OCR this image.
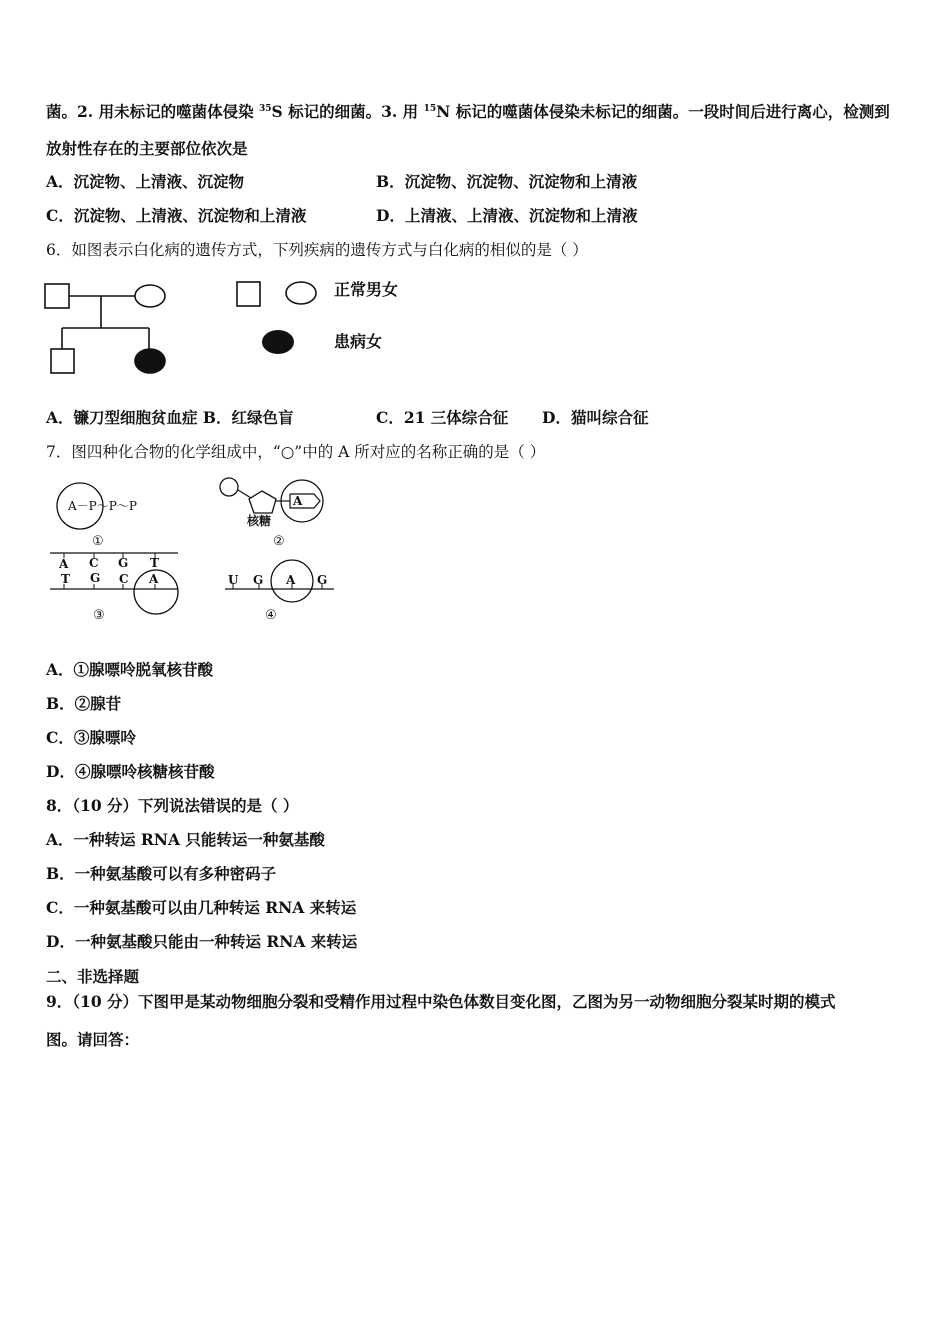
菌。2. 用未标记的噬菌体侵染 $^{35}$S 标记的细菌。3. 用 $^{15}$N 标记的噬菌体侵染未标记的细菌。一段时间后进行离心，检测到
放射性存在的主要部位依次是
A．沉淀物、上清液、沉淀物	B．沉淀物、沉淀物、沉淀物和上清液
C．沉淀物、上清液、沉淀物和上清液	D．上清液、上清液、沉淀物和上清液
6．如图表示白化病的遗传方式，下列疾病的遗传方式与白化病的相似的是（ ）
正常男女
患病女
A．镰刀型细胞贫血症 B．红绿色盲	C．21 三体综合征 D．猫叫综合征
7．图四种化合物的化学组成中，“○”中的 A 所对应的名称正确的是（ ）
A－P～P～P
①
A
核糖
②
A C G T
T G C A
③
U G A G
④
A．①腺嘌呤脱氧核苷酸
B．②腺苷
C．③腺嘌呤
D．④腺嘌呤核糖核苷酸
8．（10 分）下列说法错误的是（ ）
A．一种转运 RNA 只能转运一种氨基酸
B．一种氨基酸可以有多种密码子
C．一种氨基酸可以由几种转运 RNA 来转运
D．一种氨基酸只能由一种转运 RNA 来转运
二、非选择题
9．（10 分）下图甲是某动物细胞分裂和受精作用过程中染色体数目变化图，乙图为另一动物细胞分裂某时期的模式
图。请回答：
